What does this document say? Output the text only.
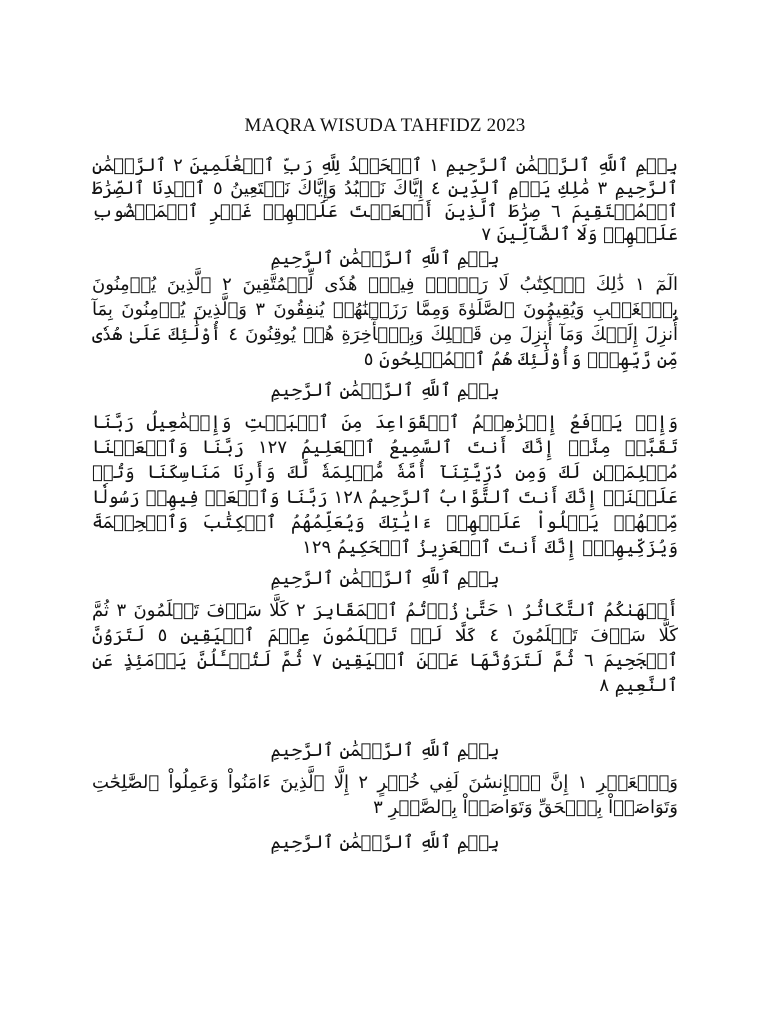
MAQRA WISUDA TAHFIDZ 2023

بِسۡمِ ٱللَّهِ ٱلرَّحۡمَٰنِ ٱلرَّحِيمِ ١ ٱلۡحَمۡدُ لِلَّهِ رَبِّ ٱلۡعَٰلَمِينَ ٢ ٱلرَّحۡمَٰنِ ٱلرَّحِيمِ ٣ مَٰلِكِ يَوۡمِ ٱلدِّينِ ٤ إِيَّاكَ نَعۡبُدُ وَإِيَّاكَ نَسۡتَعِينُ ٥ ٱهۡدِنَا ٱلصِّرَٰطَ ٱلۡمُسۡتَقِيمَ ٦ صِرَٰطَ ٱلَّذِينَ أَنۡعَمۡتَ عَلَيۡهِمۡ غَيۡرِ ٱلۡمَغۡضُوبِ عَلَيۡهِمۡ وَلَا ٱلضَّآلِّينَ ٧

بِسۡمِ ٱللَّهِ ٱلرَّحۡمَٰنِ ٱلرَّحِيمِ

الٓمٓ ١ ذَٰلِكَ ٱلۡكِتَٰبُ لَا رَيۡبَۛ فِيهِۛ هُدٗى لِّلۡمُتَّقِينَ ٢ ٱلَّذِينَ يُؤۡمِنُونَ بِٱلۡغَيۡبِ وَيُقِيمُونَ ٱلصَّلَوٰةَ وَمِمَّا رَزَقۡنَٰهُمۡ يُنفِقُونَ ٣ وَٱلَّذِينَ يُؤۡمِنُونَ بِمَآ أُنزِلَ إِلَيۡكَ وَمَآ أُنزِلَ مِن قَبۡلِكَ وَبِٱلۡأٓخِرَةِ هُمۡ يُوقِنُونَ ٤ أُوْلَٰٓئِكَ عَلَىٰ هُدٗى مِّن رَّبِّهِمۡۖ وَأُوْلَٰٓئِكَ هُمُ ٱلۡمُفۡلِحُونَ ٥

بِسۡمِ ٱللَّهِ ٱلرَّحۡمَٰنِ ٱلرَّحِيمِ

وَإِذۡ يَرۡفَعُ إِبۡرَٰهِـۧمُ ٱلۡقَوَاعِدَ مِنَ ٱلۡبَيۡتِ وَإِسۡمَٰعِيلُ رَبَّنَا تَقَبَّلۡ مِنَّآۖ إِنَّكَ أَنتَ ٱلسَّمِيعُ ٱلۡعَلِيمُ ١٢٧ رَبَّنَا وَٱجۡعَلۡنَا مُسۡلِمَيۡنِ لَكَ وَمِن ذُرِّيَّتِنَآ أُمَّةٗ مُّسۡلِمَةٗ لَّكَ وَأَرِنَا مَنَاسِكَنَا وَتُبۡ عَلَيۡنَآۖ إِنَّكَ أَنتَ ٱلتَّوَّابُ ٱلرَّحِيمُ ١٢٨ رَبَّنَا وَٱبۡعَثۡ فِيهِمۡ رَسُولٗا مِّنۡهُمۡ يَتۡلُواْ عَلَيۡهِمۡ ءَايَٰتِكَ وَيُعَلِّمُهُمُ ٱلۡكِتَٰبَ وَٱلۡحِكۡمَةَ وَيُزَكِّيهِمۡۖ إِنَّكَ أَنتَ ٱلۡعَزِيزُ ٱلۡحَكِيمُ ١٢٩

بِسۡمِ ٱللَّهِ ٱلرَّحۡمَٰنِ ٱلرَّحِيمِ

أَلۡهَىٰكُمُ ٱلتَّكَاثُرُ ١ حَتَّىٰ زُرۡتُمُ ٱلۡمَقَابِرَ ٢ كَلَّا سَوۡفَ تَعۡلَمُونَ ٣ ثُمَّ كَلَّا سَوۡفَ تَعۡلَمُونَ ٤ كَلَّا لَوۡ تَعۡلَمُونَ عِلۡمَ ٱلۡيَقِينِ ٥ لَتَرَوُنَّ ٱلۡجَحِيمَ ٦ ثُمَّ لَتَرَوُنَّهَا عَيۡنَ ٱلۡيَقِينِ ٧ ثُمَّ لَتُسۡـَٔلُنَّ يَوۡمَئِذٍ عَنِ ٱلنَّعِيمِ ٨

بِسۡمِ ٱللَّهِ ٱلرَّحۡمَٰنِ ٱلرَّحِيمِ

وَٱلۡعَصۡرِ ١ إِنَّ ٱلۡإِنسَٰنَ لَفِي خُسۡرٍ ٢ إِلَّا ٱلَّذِينَ ءَامَنُواْ وَعَمِلُواْ ٱلصَّٰلِحَٰتِ وَتَوَاصَوۡاْ بِٱلۡحَقِّ وَتَوَاصَوۡاْ بِٱلصَّبۡرِ ٣

بِسۡمِ ٱللَّهِ ٱلرَّحۡمَٰنِ ٱلرَّحِيمِ
